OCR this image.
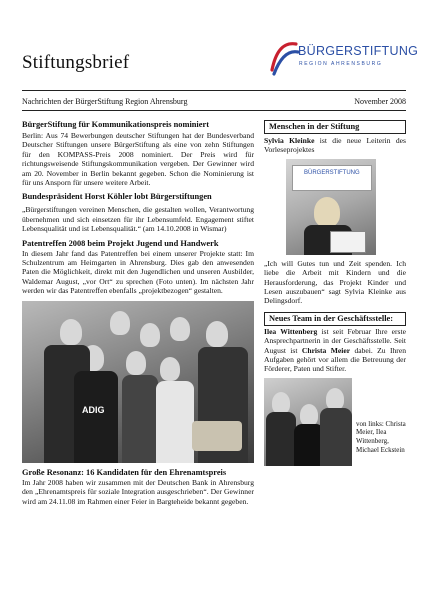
Stiftungsbrief
BÜRGERSTIFTUNG
REGION AHRENSBURG
Nachrichten der BürgerStiftung Region Ahrensburg	November 2008
BürgerStiftung für Kommunikationspreis nominiert
Berlin: Aus 74 Bewerbungen deutscher Stiftungen hat der Bundesverband Deutscher Stiftungen unsere BürgerStiftung als eine von zehn Stiftungen für den KOMPASS-Preis 2008 nominiert. Der Preis wird für richtungsweisende Stiftungskommunikation vergeben. Der Gewinner wird am 20. November in Berlin bekannt gegeben. Schon die Nominierung ist für uns Ansporn für unsere weitere Arbeit.
Bundespräsident Horst Köhler lobt Bürgerstiftungen
„Bürgerstiftungen vereinen Menschen, die gestalten wollen, Verantwortung übernehmen und sich einsetzen für ihr Lebensumfeld. Engagement stiftet Lebensqualität und ist Lebensqualität.“ (am 14.10.2008 in Wismar)
Patentreffen 2008 beim Projekt Jugend und Handwerk
In diesem Jahr fand das Patentreffen bei einem unserer Projekte statt: Im Schulzentrum am Heimgarten in Ahrensburg. Dies gab den anwesenden Paten die Möglichkeit, direkt mit den Jugendlichen und unseren Ausbilder, Waldemar August, „vor Ort“ zu sprechen (Foto unten). Im nächsten Jahr werden wir das Patentreffen ebenfalls „projektbezogen“ gestalten.
ADIG
Große Resonanz: 16 Kandidaten für den Ehrenamtspreis
Im Jahr 2008 haben wir zusammen mit der Deutschen Bank in Ahrensburg den „Ehrenamtspreis für soziale Integration ausgeschrieben“. Der Gewinner wird am 24.11.08 im Rahmen einer Feier in Bargteheide bekannt gegeben.
Menschen in der Stiftung
Sylvia Kleinke ist die neue Leiterin des Vorleseprojektes
BÜRGERSTIFTUNG
„Ich will Gutes tun und Zeit spenden. Ich liebe die Arbeit mit Kindern und die Herausforderung, das Projekt Kinder und Lesen auszubauen“ sagt Sylvia Kleinke aus Delingsdorf.
Neues Team in der Geschäftsstelle:
Ilea Wittenberg ist seit Februar Ihre erste Ansprechpartnerin in der Geschäftsstelle. Seit August ist Christa Meier dabei. Zu Ihren Aufgaben gehört vor allem die Betreuung der Förderer, Paten und Stifter.
von links: Christa Meier, Ilea Wittenberg, Michael Eckstein
